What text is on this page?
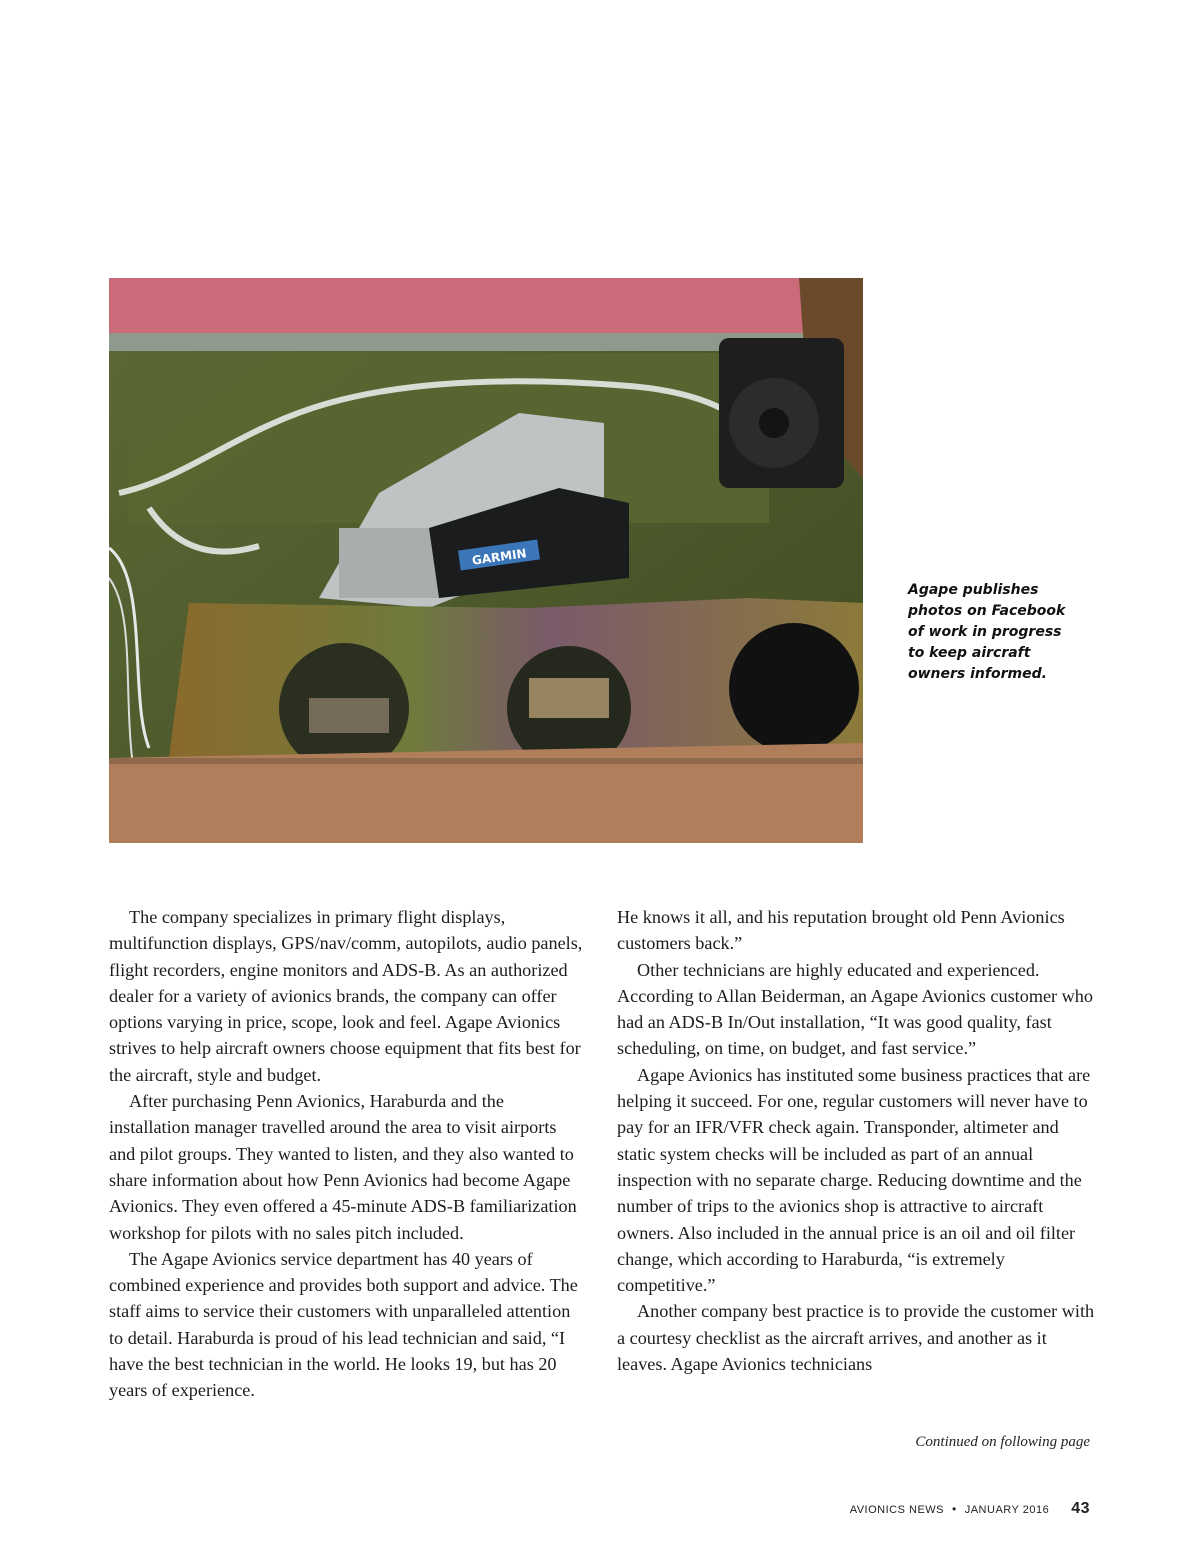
GARMIN
Agape publishes
photos on Facebook
of work in progress
to keep aircraft
owners informed.

The company specializes in primary flight displays, multifunction displays, GPS/nav/comm, autopilots, audio panels, flight recorders, engine monitors and ADS-B. As an authorized dealer for a variety of avionics brands, the company can offer options varying in price, scope, look and feel. Agape Avionics strives to help aircraft owners choose equipment that fits best for the aircraft, style and budget.

After purchasing Penn Avionics, Haraburda and the installation manager travelled around the area to visit airports and pilot groups. They wanted to listen, and they also wanted to share information about how Penn Avionics had become Agape Avionics. They even offered a 45-minute ADS-B familiarization workshop for pilots with no sales pitch included.

The Agape Avionics service department has 40 years of combined experience and provides both support and advice. The staff aims to service their customers with unparalleled attention to detail. Haraburda is proud of his lead technician and said, “I have the best technician in the world. He looks 19, but has 20 years of experience.

He knows it all, and his reputation brought old Penn Avionics customers back.”

Other technicians are highly educated and experienced. According to Allan Beiderman, an Agape Avionics customer who had an ADS-B In/Out installation, “It was good quality, fast scheduling, on time, on budget, and fast service.”

Agape Avionics has instituted some business practices that are helping it succeed. For one, regular customers will never have to pay for an IFR/VFR check again. Transponder, altimeter and static system checks will be included as part of an annual inspection with no separate charge. Reducing downtime and the number of trips to the avionics shop is attractive to aircraft owners. Also included in the annual price is an oil and oil filter change, which according to Haraburda, “is extremely competitive.”

Another company best practice is to provide the customer with a courtesy checklist as the aircraft arrives, and another as it leaves. Agape Avionics technicians

Continued on following page
AVIONICS NEWS • JANUARY 2016 43
